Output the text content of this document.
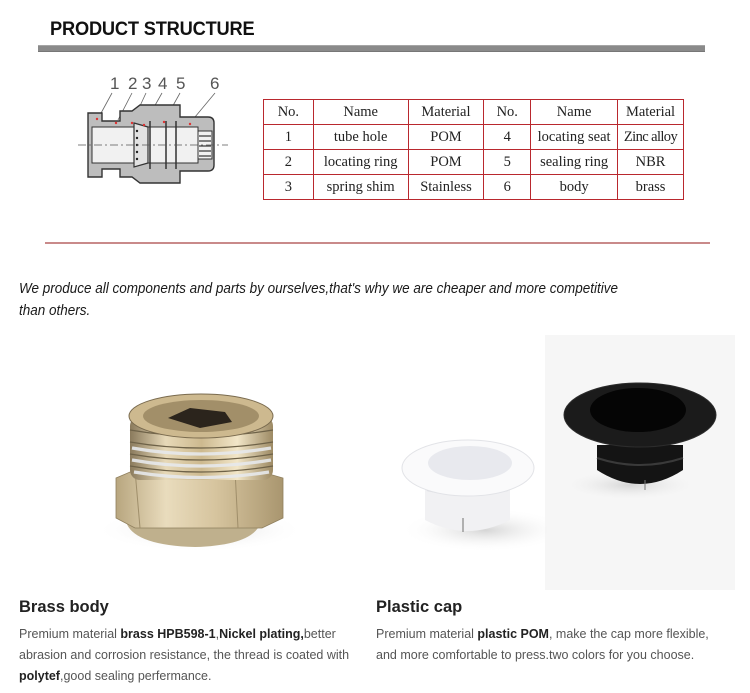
PRODUCT STRUCTURE
1 2 3 4 5 6
No.	Name	Material	No.	Name	Material
1	tube hole	POM	4	locating seat	Zinc alloy
2	locating ring	POM	5	sealing ring	NBR
3	spring shim	Stainless	6	body	brass
We produce all components and parts by ourselves,that's why we are cheaper and more competitive
than others.
Brass body
Premium material brass HPB598-1,Nickel plating,better
abrasion and corrosion resistance, the thread is coated with
polytef,good sealing perfermance.
Plastic cap
Premium material plastic POM, make the cap more flexible,
and more comfortable to press.two colors for you choose.
